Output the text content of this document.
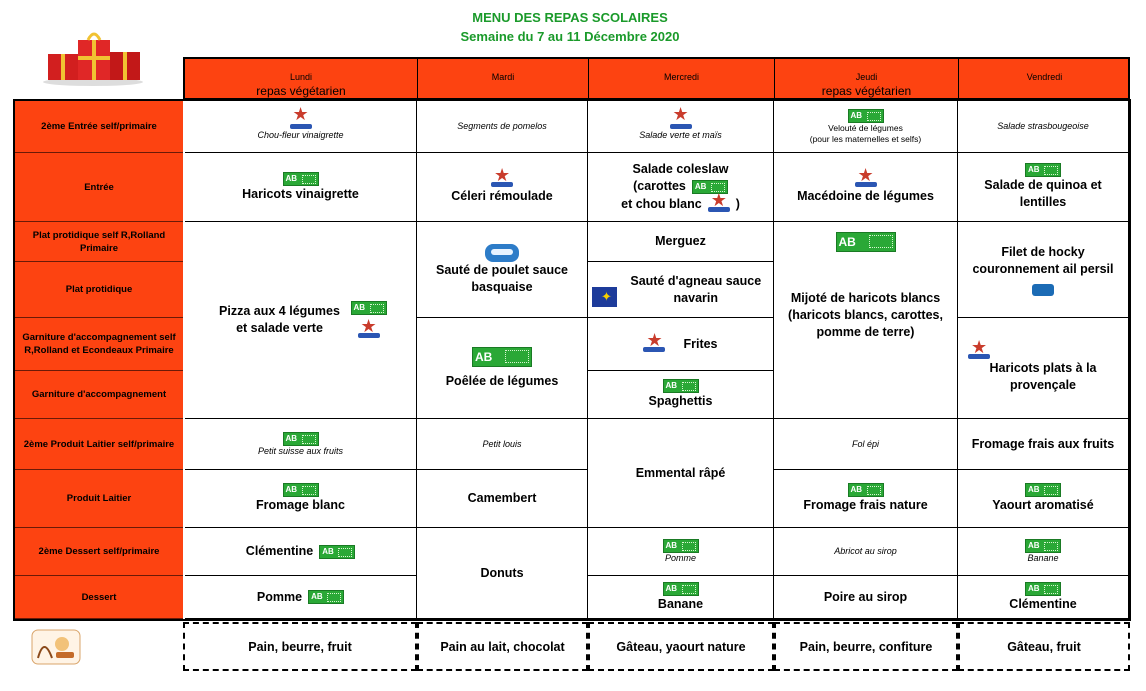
MENU DES REPAS SCOLAIRES
Semaine du 7 au 11 Décembre 2020
Lundi
repas végétarien
Mardi	Mercredi	Jeudi
repas végétarien
Vendredi
2ème Entrée self/primaire
Entrée
Plat protidique self R,Rolland Primaire
Plat protidique
Garniture d'accompagnement self R,Rolland et Econdeaux Primaire
Garniture d'accompagnement
2ème Produit Laitier self/primaire
Produit Laitier
2ème Dessert self/primaire
Dessert
★
Chou-fleur vinaigrette
AB
Haricots vinaigrette
Pizza aux 4 légumes et salade verte
AB
★
AB
Petit suisse aux fruits
AB
Fromage blanc
Clémentine
AB
Pomme
AB
Segments de pomelos
★
Céleri rémoulade
Sauté de poulet sauce basquaise
AB
Poêlée de légumes
Petit louis
Camembert
Donuts
★
Salade verte et maïs
Salade coleslaw
(carottes
AB
et chou blanc
★	)
Merguez
✦
Sauté d'agneau sauce navarin
★
Frites
AB
Spaghettis
Emmental râpé
AB
Pomme
AB
Banane
AB
Velouté de légumes
(pour les maternelles et selfs)
★
Macédoine de légumes
AB
Mijoté de haricots blancs (haricots blancs, carottes, pomme de terre)
Fol épi
AB
Fromage frais nature
Abricot au sirop
Poire au sirop
Salade strasbougeoise
AB
Salade de quinoa et lentilles
Filet de hocky couronnement ail persil
★
Haricots plats à la provençale
Fromage frais aux fruits
AB
Yaourt aromatisé
AB
Banane
AB
Clémentine
Pain, beurre, fruit	Pain au lait, chocolat	Gâteau, yaourt nature	Pain, beurre, confiture	Gâteau, fruit
